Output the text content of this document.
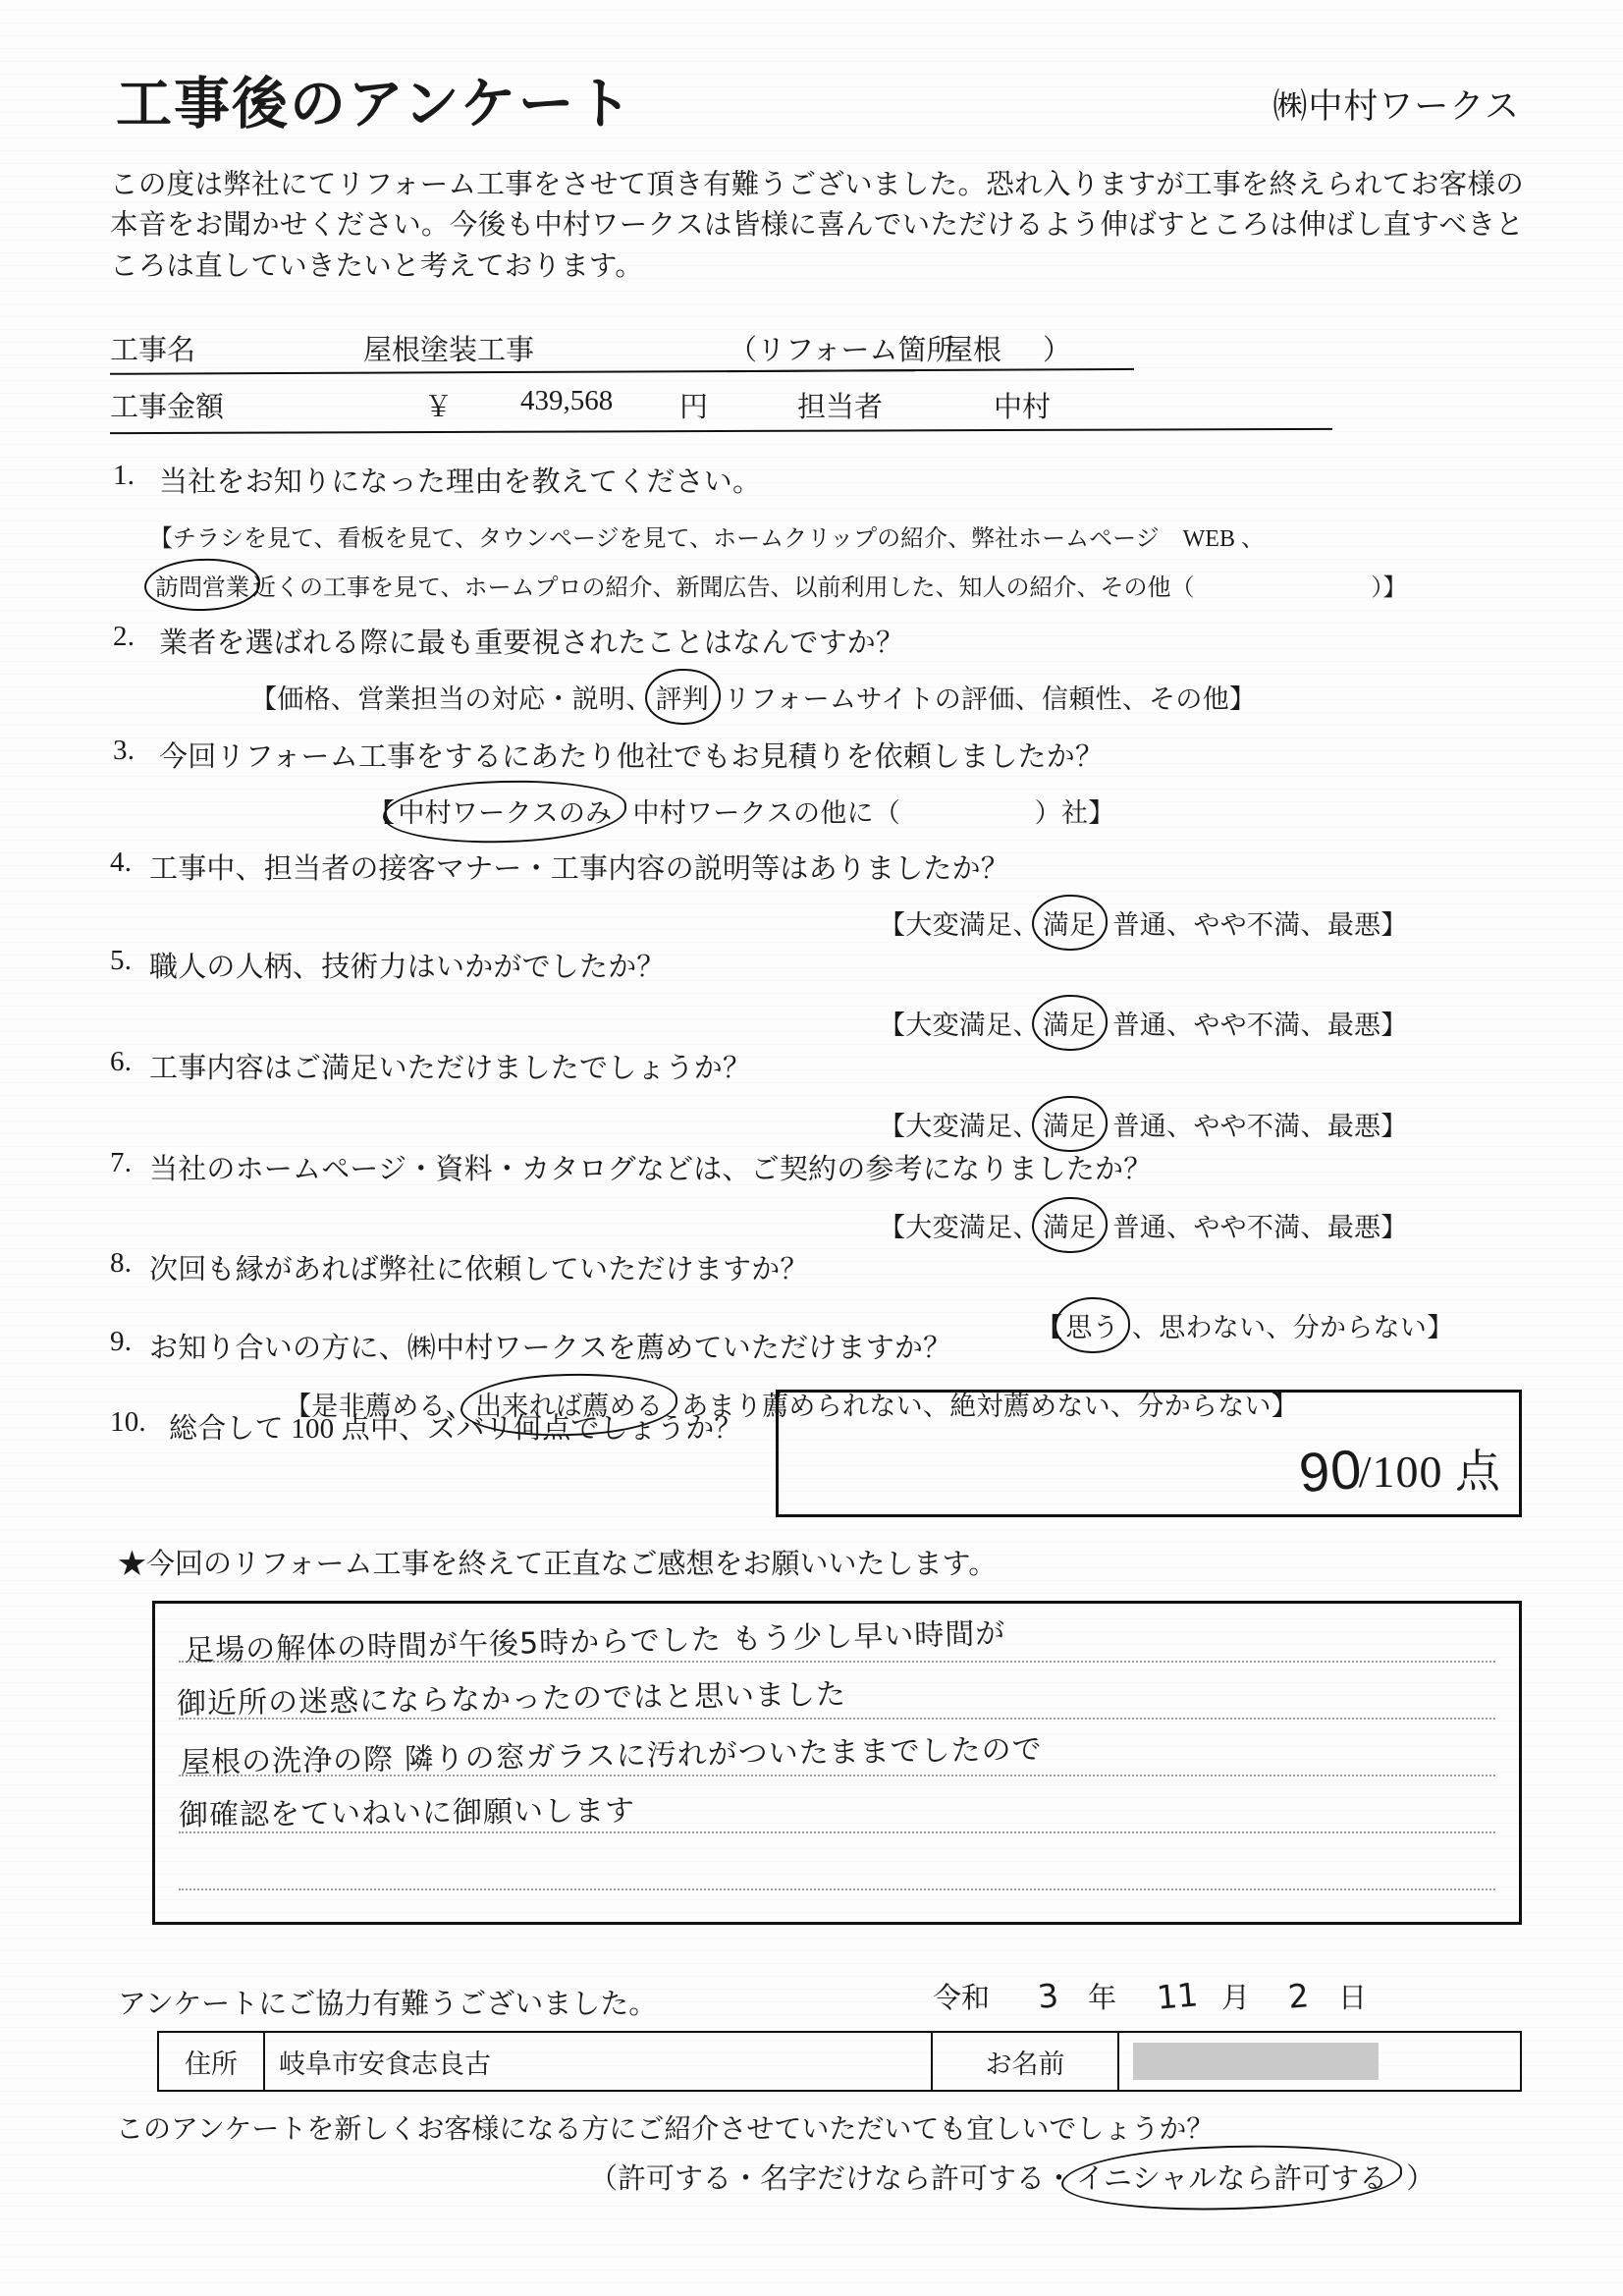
工事後のアンケート	㈱中村ワークス
この度は弊社にてリフォーム工事をさせて頂き有難うございました。恐れ入りますが工事を終えられてお客様の本音をお聞かせください。今後も中村ワークスは皆様に喜んでいただけるよう伸ばすところは伸ばし直すべきところは直していきたいと考えております。
工事名	屋根塗装工事	（リフォーム箇所
屋根 ）
工事金額	￥ 439,568 円	担当者	中村
1. 当社をお知りになった理由を教えてください。
【チラシを見て、看板を見て、タウンページを見て、ホームクリップの紹介、弊社ホームページ　WEB 、
訪問営業 近くの工事を見て、ホームプロの紹介、新聞広告、以前利用した、知人の紹介、その他（	）】
2. 業者を選ばれる際に最も重要視されたことはなんですか？
【価格、営業担当の対応・説明、 評判 リフォームサイトの評価、信頼性、その他】
3. 今回リフォーム工事をするにあたり他社でもお見積りを依頼しましたか？
【 中村ワークスのみ 中村ワークスの他に（　　　　　）社】
4. 工事中、担当者の接客マナー・工事内容の説明等はありましたか？
【大変満足、 満足 普通、やや不満、最悪】
5. 職人の人柄、技術力はいかがでしたか？
【大変満足、 満足 普通、やや不満、最悪】
6. 工事内容はご満足いただけましたでしょうか？
【大変満足、 満足 普通、やや不満、最悪】
7. 当社のホームページ・資料・カタログなどは、ご契約の参考になりましたか？
【大変満足、 満足 普通、やや不満、最悪】
8. 次回も縁があれば弊社に依頼していただけますか？
【 思う 、思わない、分からない】
9. お知り合いの方に、㈱中村ワークスを薦めていただけますか？
【是非薦める、 出来れば薦める あまり薦められない、絶対薦めない、分からない】
10. 総合して 100 点中、ズバリ何点でしょうか？
90
/100 点
★今回のリフォーム工事を終えて正直なご感想をお願いいたします。
足場の解体の時間が午後5時からでした もう少し早い時間が
御近所の迷惑にならなかったのではと思いました
屋根の洗浄の際 隣りの窓ガラスに汚れがついたままでしたので
御確認をていねいに御願いします
アンケートにご協力有難うございました。	令和 3 年 11 月 2 日
住所	岐阜市安食志良古	お名前
このアンケートを新しくお客様になる方にご紹介させていただいても宜しいでしょうか？
（許可する・名字だけなら許可する・ イニシャルなら許可する ）
